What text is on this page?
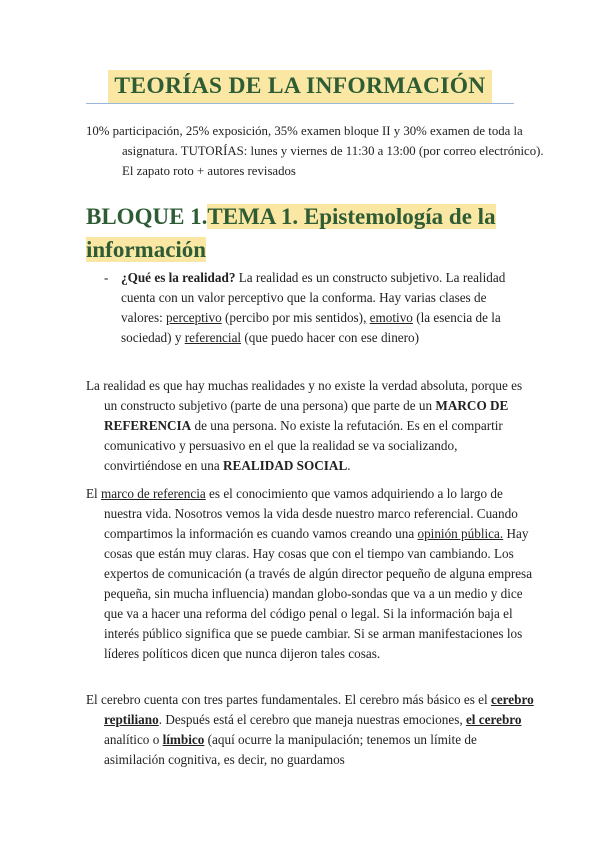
TEORÍAS DE LA INFORMACIÓN
10% participación, 25% exposición, 35% examen bloque II y 30% examen de toda la asignatura. TUTORÍAS: lunes y viernes de 11:30 a 13:00 (por correo electrónico). El zapato roto + autores revisados
BLOQUE 1.TEMA 1. Epistemología de la información
- ¿Qué es la realidad? La realidad es un constructo subjetivo. La realidad cuenta con un valor perceptivo que la conforma. Hay varias clases de valores: perceptivo (percibo por mis sentidos), emotivo (la esencia de la sociedad) y referencial (que puedo hacer con ese dinero)
La realidad es que hay muchas realidades y no existe la verdad absoluta, porque es un constructo subjetivo (parte de una persona) que parte de un MARCO DE REFERENCIA de una persona. No existe la refutación. Es en el compartir comunicativo y persuasivo en el que la realidad se va socializando, convirtiéndose en una REALIDAD SOCIAL.
El marco de referencia es el conocimiento que vamos adquiriendo a lo largo de nuestra vida. Nosotros vemos la vida desde nuestro marco referencial. Cuando compartimos la información es cuando vamos creando una opinión pública. Hay cosas que están muy claras. Hay cosas que con el tiempo van cambiando. Los expertos de comunicación (a través de algún director pequeño de alguna empresa pequeña, sin mucha influencia) mandan globo-sondas que va a un medio y dice que va a hacer una reforma del código penal o legal. Si la información baja el interés público significa que se puede cambiar. Si se arman manifestaciones los líderes políticos dicen que nunca dijeron tales cosas.
El cerebro cuenta con tres partes fundamentales. El cerebro más básico es el cerebro reptiliano. Después está el cerebro que maneja nuestras emociones, el cerebro analítico o límbico (aquí ocurre la manipulación; tenemos un límite de asimilación cognitiva, es decir, no guardamos
